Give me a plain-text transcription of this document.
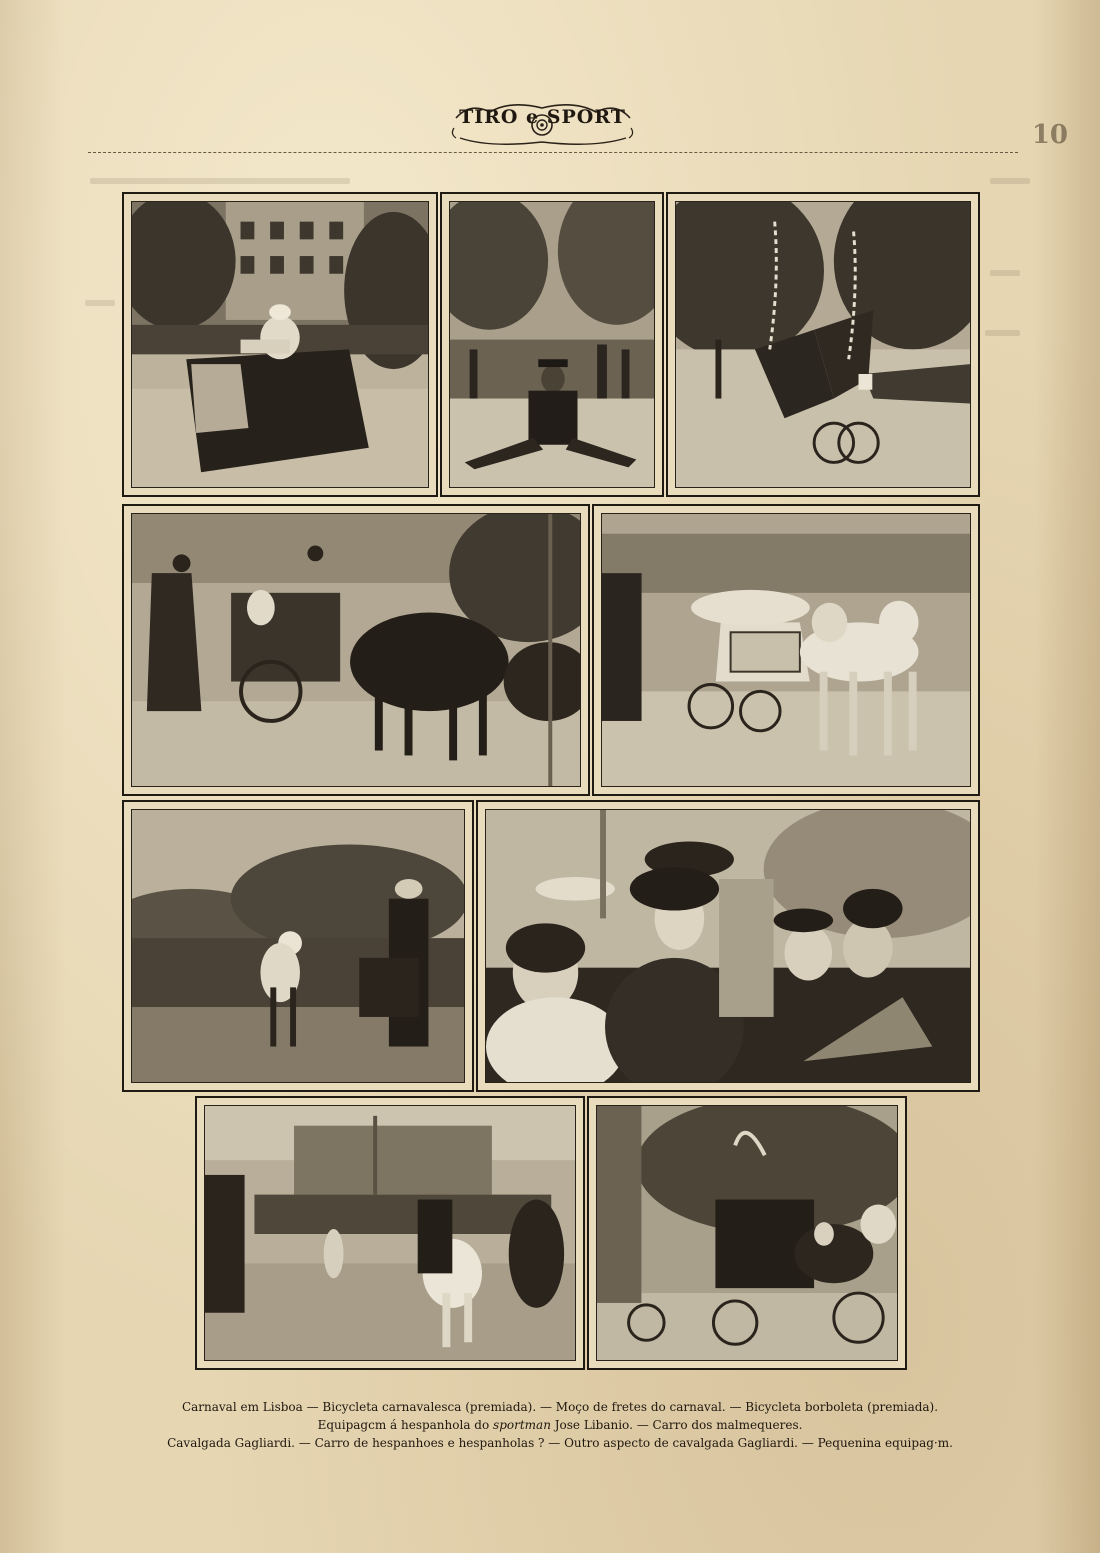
TIRO e SPORT
10
Carnaval em Lisboa — Bicycleta carnavalesca (premiada). — Moço de fretes do carnaval. — Bicycleta borboleta (premiada).
Equipagcm á hespanhola do sportman Jose Libanio. — Carro dos malmequeres.
Cavalgada Gagliardi. — Carro de hespanhoes e hespanholas ? — Outro aspecto de cavalgada Gagliardi. — Pequenina equipag·m.
